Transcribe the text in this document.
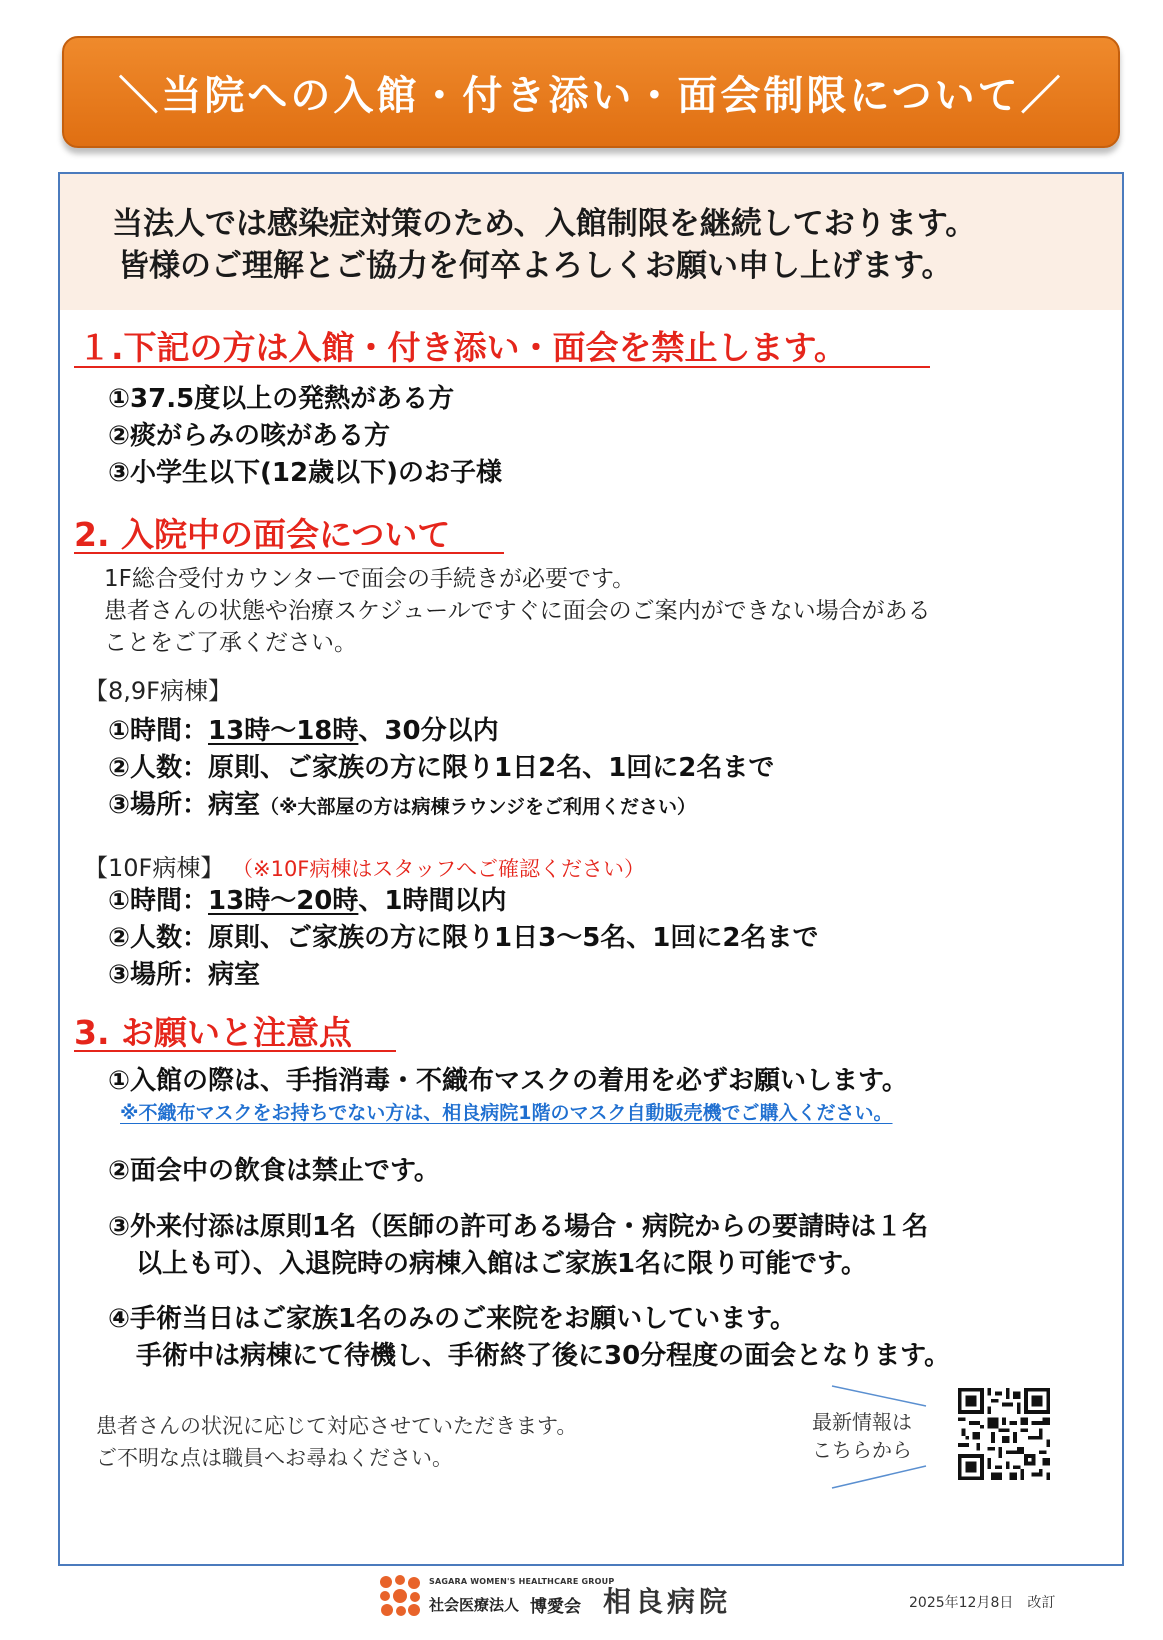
＼当院への入館・付き添い・面会制限について／
当法人では感染症対策のため、入館制限を継続しております。
皆様のご理解とご協力を何卒よろしくお願い申し上げます。
１.下記の方は入館・付き添い・面会を禁止します。
①37.5度以上の発熱がある方
②痰がらみの咳がある方
③小学生以下(12歳以下)のお子様
2. 入院中の面会について
1F総合受付カウンターで面会の手続きが必要です。
患者さんの状態や治療スケジュールですぐに面会のご案内ができない場合がある
ことをご了承ください。
【8,9F病棟】
①時間：13時～18時、30分以内
②人数：原則、ご家族の方に限り1日2名、1回に2名まで
③場所：病室（※大部屋の方は病棟ラウンジをご利用ください）
【10F病棟】 （※10F病棟はスタッフへご確認ください）
①時間：13時～20時、1時間以内
②人数：原則、ご家族の方に限り1日3～5名、1回に2名まで
③場所：病室
3. お願いと注意点
①入館の際は、手指消毒・不織布マスクの着用を必ずお願いします。
※不織布マスクをお持ちでない方は、相良病院1階のマスク自動販売機でご購入ください。
②面会中の飲食は禁止です。
③外来付添は原則1名（医師の許可ある場合・病院からの要請時は１名
以上も可）、入退院時の病棟入館はご家族1名に限り可能です。
④手術当日はご家族1名のみのご来院をお願いしています。
手術中は病棟にて待機し、手術終了後に30分程度の面会となります。
患者さんの状況に応じて対応させていただきます。
ご不明な点は職員へお尋ねください。
最新情報は
こちらから
SAGARA WOMEN'S HEALTHCARE GROUP
社会医療法人 博愛会 相良病院	2025年12月8日　改訂
